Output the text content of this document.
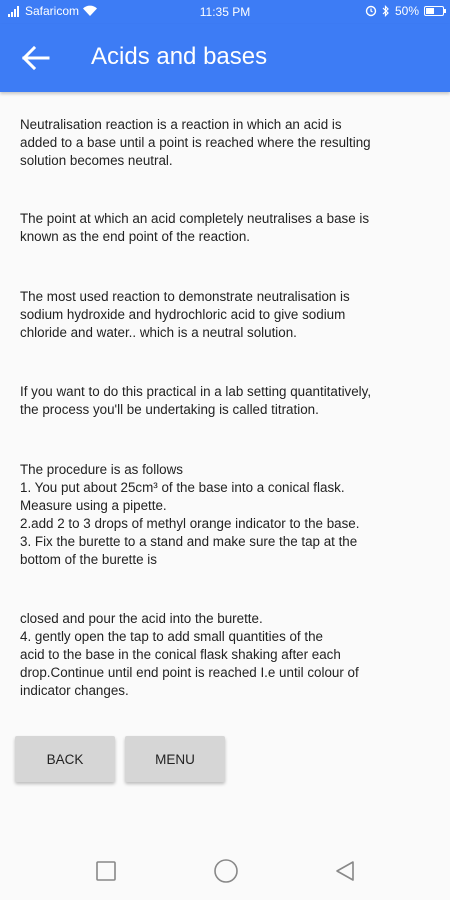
Safaricom	11:35 PM	50%
Acids and bases

Neutralisation reaction is a reaction in which an acid is
added to a base until a point is reached where the resulting
solution becomes neutral.

The point at which an acid completely neutralises a base is
known as the end point of the reaction.

The most used reaction to demonstrate neutralisation is
sodium hydroxide and hydrochloric acid to give sodium
chloride and water.. which is a neutral solution.

If you want to do this practical in a lab setting quantitatively,
the process you'll be undertaking is called titration.

The procedure is as follows
1. You put about 25cm³ of the base into a conical flask.
Measure using a pipette.
2.add 2 to 3 drops of methyl orange indicator to the base.
3. Fix the burette to a stand and make sure the tap at the
bottom of the burette is

closed and pour the acid into the burette.
4. gently open the tap to add small quantities of the
acid to the base in the conical flask shaking after each
drop.Continue until end point is reached I.e until colour of
indicator changes.

BACK	MENU
